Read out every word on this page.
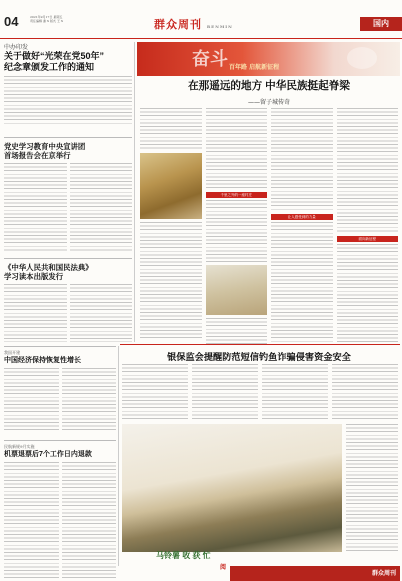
04	2021年9月17日 星期五
责任编辑 谢 X 版式 王 X	群众周刊 RENMIN	国内
中办印发
关于做好“光荣在党50年”
纪念章颁发工作的通知
党史学习教育中央宣讲团
首场报告会在京举行
《中华人民共和国民法典》
学习读本出版发行
我国开建
中国经济保持恢复性增长
民航新规9月实施
机票退票后7个工作日内退款
奋斗 百年路 启航新征程
在那遥远的地方 中华民族挺起脊梁
——留子城传奇
千里之外的一座村庄
让人感受到的力量
面向新征程
银保监会提醒防范短信钓鱼诈骗侵害资金安全
马铃薯 收 获 忙
阅
群众周刊
